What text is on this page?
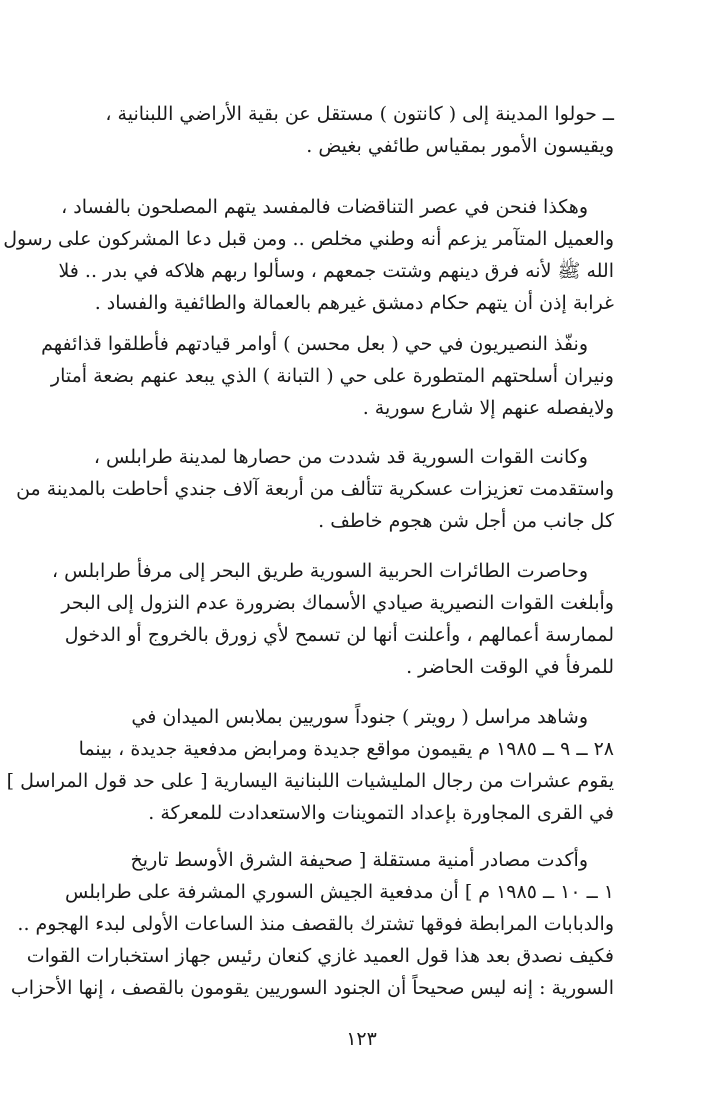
ــ حولوا المدينة إلى ( كانتون ) مستقل عن بقية الأراضي اللبنانية ،
ويقيسون الأمور بمقياس طائفي بغيض .

وهكذا فنحن في عصر التناقضات فالمفسد يتهم المصلحون بالفساد ،
والعميل المتآمر يزعم أنه وطني مخلص .. ومن قبل دعا المشركون على رسول
الله ﷺ لأنه فرق دينهم وشتت جمعهم ، وسألوا ربهم هلاكه في بدر .. فلا
غرابة إذن أن يتهم حكام دمشق غيرهم بالعمالة والطائفية والفساد .

ونفّذ النصيريون في حي ( بعل محسن ) أوامر قيادتهم فأطلقوا قذائفهم
ونيران أسلحتهم المتطورة على حي ( التبانة ) الذي يبعد عنهم بضعة أمتار
ولايفصله عنهم إلا شارع سورية .

وكانت القوات السورية قد شددت من حصارها لمدينة طرابلس ،
واستقدمت تعزيزات عسكرية تتألف من أربعة آلاف جندي أحاطت بالمدينة من
كل جانب من أجل شن هجوم خاطف .

وحاصرت الطائرات الحربية السورية طريق البحر إلى مرفأ طرابلس ،
وأبلغت القوات النصيرية صيادي الأسماك بضرورة عدم النزول إلى البحر
لممارسة أعمالهم ، وأعلنت أنها لن تسمح لأي زورق بالخروج أو الدخول
للمرفأ في الوقت الحاضر .

وشاهد مراسل ( رويتر ) جنوداً سوريين بملابس الميدان في
٢٨ ــ ٩ ــ ١٩٨٥ م يقيمون مواقع جديدة ومرابض مدفعية جديدة ، بينما
يقوم عشرات من رجال المليشيات اللبنانية اليسارية [ على حد قول المراسل ]
في القرى المجاورة بإعداد التموينات والاستعدادت للمعركة .

وأكدت مصادر أمنية مستقلة [ صحيفة الشرق الأوسط تاريخ
١ ــ ١٠ ــ ١٩٨٥ م ] أن مدفعية الجيش السوري المشرفة على طرابلس
والدبابات المرابطة فوقها تشترك بالقصف منذ الساعات الأولى لبدء الهجوم ..
فكيف نصدق بعد هذا قول العميد غازي كنعان رئيس جهاز استخبارات القوات
السورية : إنه ليس صحيحاً أن الجنود السوريين يقومون بالقصف ، إنها الأحزاب

١٢٣
